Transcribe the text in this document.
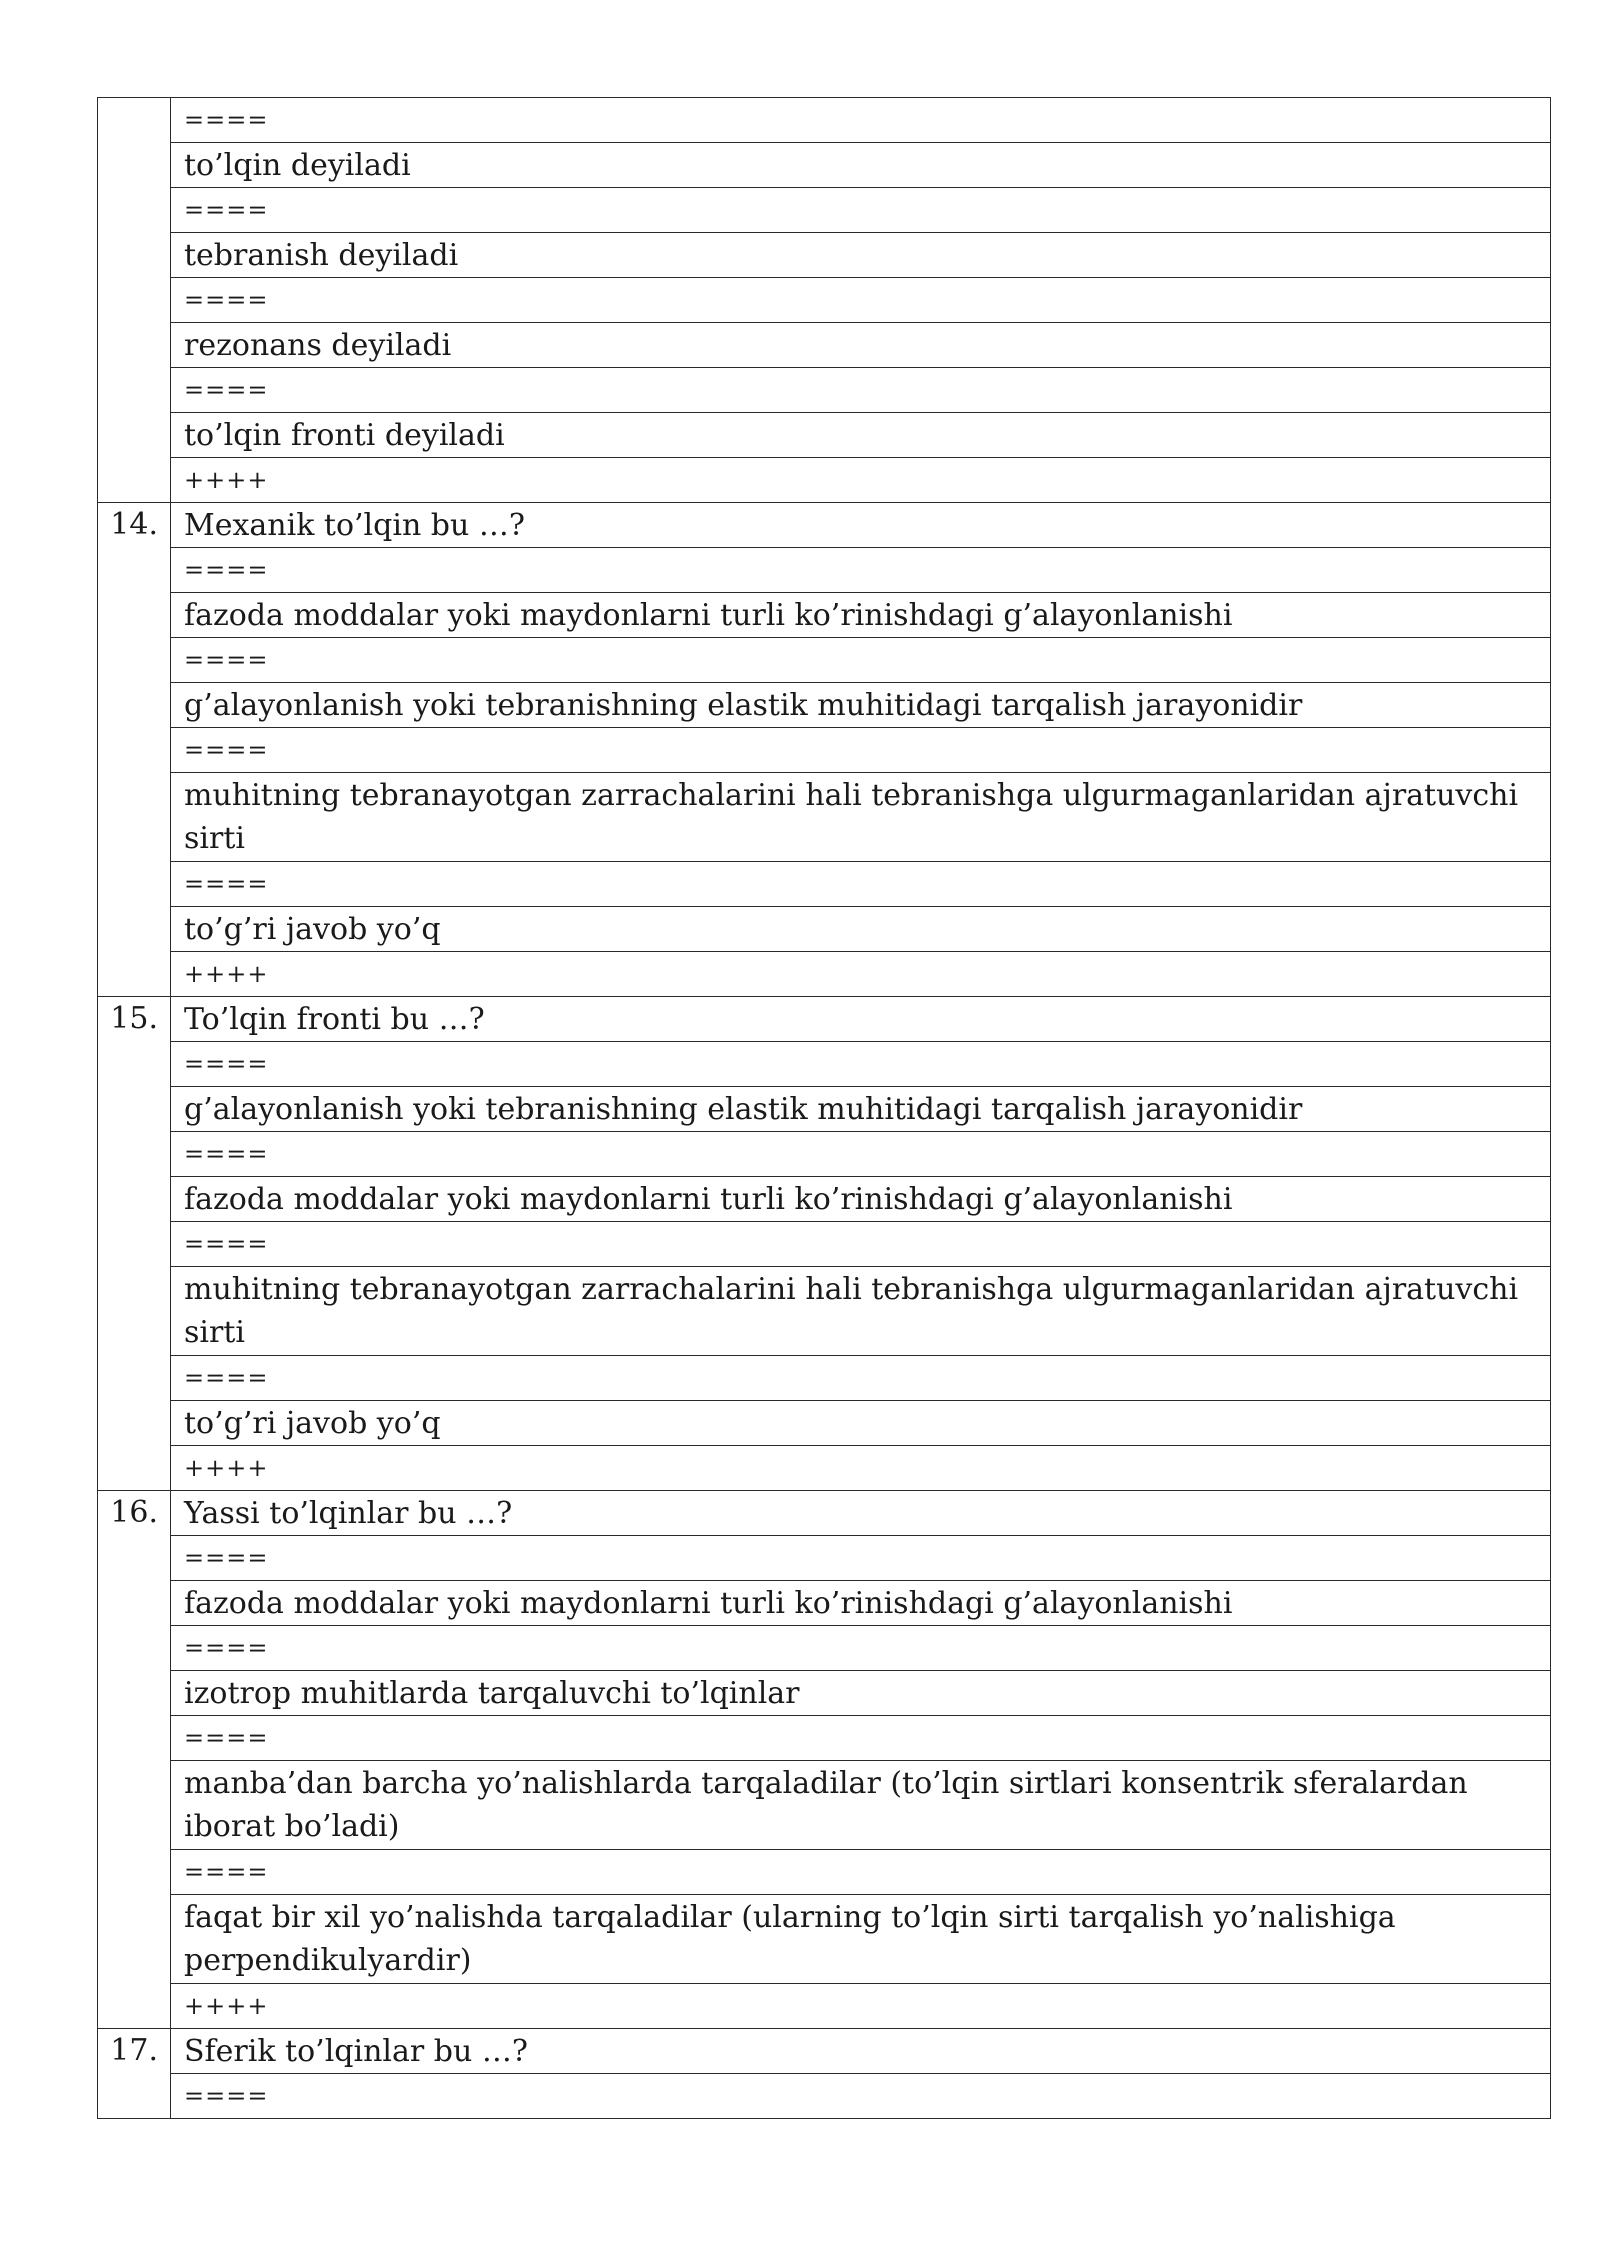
	====
	to’lqin deyiladi
	====
	tebranish deyiladi
	====
	rezonans deyiladi
	====
	to’lqin fronti deyiladi
	++++
14.	Mexanik to’lqin bu …?
	====
	fazoda moddalar yoki maydonlarni turli ko’rinishdagi g’alayonlanishi
	====
	g’alayonlanish yoki tebranishning elastik muhitidagi tarqalish jarayonidir
	====
	muhitning tebranayotgan zarrachalarini hali tebranishga ulgurmaganlaridan ajratuvchi sirti
	====
	to’g’ri javob yo’q
	++++
15.	To’lqin fronti bu …?
	====
	g’alayonlanish yoki tebranishning elastik muhitidagi tarqalish jarayonidir
	====
	fazoda moddalar yoki maydonlarni turli ko’rinishdagi g’alayonlanishi
	====
	muhitning tebranayotgan zarrachalarini hali tebranishga ulgurmaganlaridan ajratuvchi sirti
	====
	to’g’ri javob yo’q
	++++
16.	Yassi to’lqinlar bu …?
	====
	fazoda moddalar yoki maydonlarni turli ko’rinishdagi g’alayonlanishi
	====
	izotrop muhitlarda tarqaluvchi to’lqinlar
	====
	manba’dan barcha yo’nalishlarda tarqaladilar (to’lqin sirtlari konsentrik sferalardan iborat bo’ladi)
	====
	faqat bir xil yo’nalishda tarqaladilar (ularning to’lqin sirti tarqalish yo’nalishiga perpendikulyardir)
	++++
17.	Sferik to’lqinlar bu …?
	====
